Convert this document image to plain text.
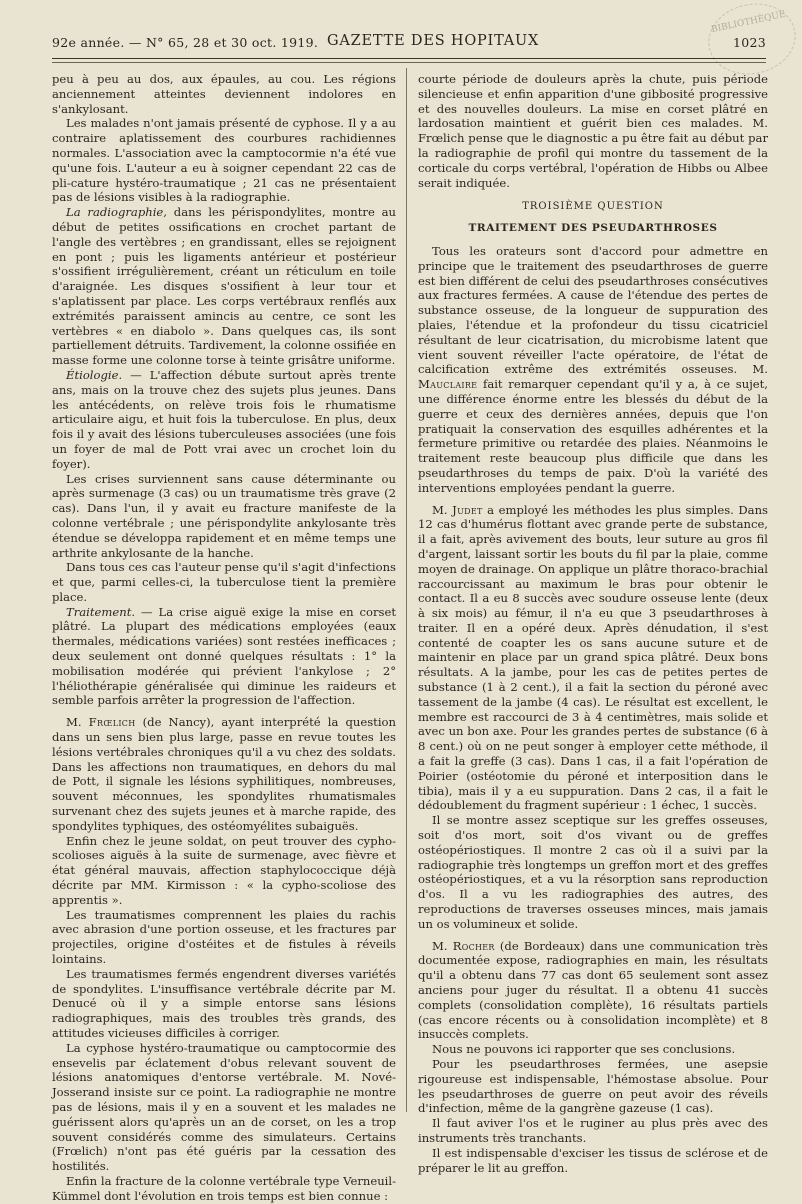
BIBLIOTHÈQUE
92e année. — N° 65, 28 et 30 oct. 1919. GAZETTE DES HOPITAUX	1023

peu à peu au dos, aux épaules, au cou. Les régions anciennement atteintes deviennent indolores en s'ankylosant.

Les malades n'ont jamais présenté de cyphose. Il y a au contraire aplatissement des courbures rachidiennes normales. L'association avec la camptocormie n'a été vue qu'une fois. L'auteur a eu à soigner cependant 22 cas de pli-cature hystéro-traumatique ; 21 cas ne présentaient pas de lésions visibles à la radiographie.

La radiographie, dans les périspondylites, montre au début de petites ossifications en crochet partant de l'angle des vertèbres ; en grandissant, elles se rejoignent en pont ; puis les ligaments antérieur et postérieur s'ossifient irrégulièrement, créant un réticulum en toile d'araignée. Les disques s'ossifient à leur tour et s'aplatissent par place. Les corps vertébraux renflés aux extrémités paraissent amincis au centre, ce sont les vertèbres « en diabolo ». Dans quelques cas, ils sont partiellement détruits. Tardivement, la colonne ossifiée en masse forme une colonne torse à teinte grisâtre uniforme.

Étiologie. — L'affection débute surtout après trente ans, mais on la trouve chez des sujets plus jeunes. Dans les antécédents, on relève trois fois le rhumatisme articulaire aigu, et huit fois la tuberculose. En plus, deux fois il y avait des lésions tuberculeuses associées (une fois un foyer de mal de Pott vrai avec un crochet loin du foyer).

Les crises surviennent sans cause déterminante ou après surmenage (3 cas) ou un traumatisme très grave (2 cas). Dans l'un, il y avait eu fracture manifeste de la colonne vertébrale ; une périspondylite ankylosante très étendue se développa rapidement et en même temps une arthrite ankylosante de la hanche.

Dans tous ces cas l'auteur pense qu'il s'agit d'infections et que, parmi celles-ci, la tuberculose tient la première place.

Traitement. — La crise aiguë exige la mise en corset plâtré. La plupart des médications employées (eaux thermales, médications variées) sont restées inefficaces ; deux seulement ont donné quelques résultats : 1° la mobilisation modérée qui prévient l'ankylose ; 2° l'héliothérapie généralisée qui diminue les raideurs et semble parfois arrêter la progression de l'affection.

M. Frœlich (de Nancy), ayant interprété la question dans un sens bien plus large, passe en revue toutes les lésions vertébrales chroniques qu'il a vu chez des soldats. Dans les affections non traumatiques, en dehors du mal de Pott, il signale les lésions syphilitiques, nombreuses, souvent méconnues, les spondylites rhumatismales survenant chez des sujets jeunes et à marche rapide, des spondylites typhiques, des ostéomyélites subaiguës.

Enfin chez le jeune soldat, on peut trouver des cypho-scolioses aiguës à la suite de surmenage, avec fièvre et état général mauvais, affection staphylococcique déjà décrite par MM. Kirmisson : « la cypho-scoliose des apprentis ».

Les traumatismes comprennent les plaies du rachis avec abrasion d'une portion osseuse, et les fractures par projectiles, origine d'ostéites et de fistules à réveils lointains.

Les traumatismes fermés engendrent diverses variétés de spondylites. L'insuffisance vertébrale décrite par M. Denucé où il y a simple entorse sans lésions radiographiques, mais des troubles très grands, des attitudes vicieuses difficiles à corriger.

La cyphose hystéro-traumatique ou camptocormie des ensevelis par éclatement d'obus relevant souvent de lésions anatomiques d'entorse vertébrale. M. Nové-Josserand insiste sur ce point. La radiographie ne montre pas de lésions, mais il y en a souvent et les malades ne guérissent alors qu'après un an de corset, on les a trop souvent considérés comme des simulateurs. Certains (Frœlich) n'ont pas été guéris par la cessation des hostilités.

Enfin la fracture de la colonne vertébrale type Verneuil-Kümmel dont l'évolution en trois temps est bien connue :

courte période de douleurs après la chute, puis période silencieuse et enfin apparition d'une gibbosité progressive et des nouvelles douleurs. La mise en corset plâtré en lardosation maintient et guérit bien ces malades. M. Frœlich pense que le diagnostic a pu être fait au début par la radiographie de profil qui montre du tassement de la corticale du corps vertébral, l'opération de Hibbs ou Albee serait indiquée.

TROISIÈME QUESTION
TRAITEMENT DES PSEUDARTHROSES

Tous les orateurs sont d'accord pour admettre en principe que le traitement des pseudarthroses de guerre est bien différent de celui des pseudarthroses consécutives aux fractures fermées. A cause de l'étendue des pertes de substance osseuse, de la longueur de suppuration des plaies, l'étendue et la profondeur du tissu cicatriciel résultant de leur cicatrisation, du microbisme latent que vient souvent réveiller l'acte opératoire, de l'état de calcification extrême des extrémités osseuses. M. Mauclaire fait remarquer cependant qu'il y a, à ce sujet, une différence énorme entre les blessés du début de la guerre et ceux des dernières années, depuis que l'on pratiquait la conservation des esquilles adhérentes et la fermeture primitive ou retardée des plaies. Néanmoins le traitement reste beaucoup plus difficile que dans les pseudarthroses du temps de paix. D'où la variété des interventions employées pendant la guerre.

M. Judet a employé les méthodes les plus simples. Dans 12 cas d'humérus flottant avec grande perte de substance, il a fait, après avivement des bouts, leur suture au gros fil d'argent, laissant sortir les bouts du fil par la plaie, comme moyen de drainage. On applique un plâtre thoraco-brachial raccourcissant au maximum le bras pour obtenir le contact. Il a eu 8 succès avec soudure osseuse lente (deux à six mois) au fémur, il n'a eu que 3 pseudarthroses à traiter. Il en a opéré deux. Après dénudation, il s'est contenté de coapter les os sans aucune suture et de maintenir en place par un grand spica plâtré. Deux bons résultats. A la jambe, pour les cas de petites pertes de substance (1 à 2 cent.), il a fait la section du péroné avec tassement de la jambe (4 cas). Le résultat est excellent, le membre est raccourci de 3 à 4 centimètres, mais solide et avec un bon axe. Pour les grandes pertes de substance (6 à 8 cent.) où on ne peut songer à employer cette méthode, il a fait la greffe (3 cas). Dans 1 cas, il a fait l'opération de Poirier (ostéotomie du péroné et interposition dans le tibia), mais il y a eu suppuration. Dans 2 cas, il a fait le dédoublement du fragment supérieur : 1 échec, 1 succès.

Il se montre assez sceptique sur les greffes osseuses, soit d'os mort, soit d'os vivant ou de greffes ostéopériostiques. Il montre 2 cas où il a suivi par la radiographie très longtemps un greffon mort et des greffes ostéopériostiques, et a vu la résorption sans reproduction d'os. Il a vu les radiographies des autres, des reproductions de traverses osseuses minces, mais jamais un os volumineux et solide.

M. Rocher (de Bordeaux) dans une communication très documentée expose, radiographies en main, les résultats qu'il a obtenu dans 77 cas dont 65 seulement sont assez anciens pour juger du résultat. Il a obtenu 41 succès complets (consolidation complète), 16 résultats partiels (cas encore récents ou à consolidation incomplète) et 8 insuccès complets.

Nous ne pouvons ici rapporter que ses conclusions.

Pour les pseudarthroses fermées, une asepsie rigoureuse est indispensable, l'hémostase absolue. Pour les pseudarthroses de guerre on peut avoir des réveils d'infection, même de la gangrène gazeuse (1 cas).

Il faut aviver l'os et le ruginer au plus près avec des instruments très tranchants.

Il est indispensable d'exciser les tissus de sclérose et de préparer le lit au greffon.
